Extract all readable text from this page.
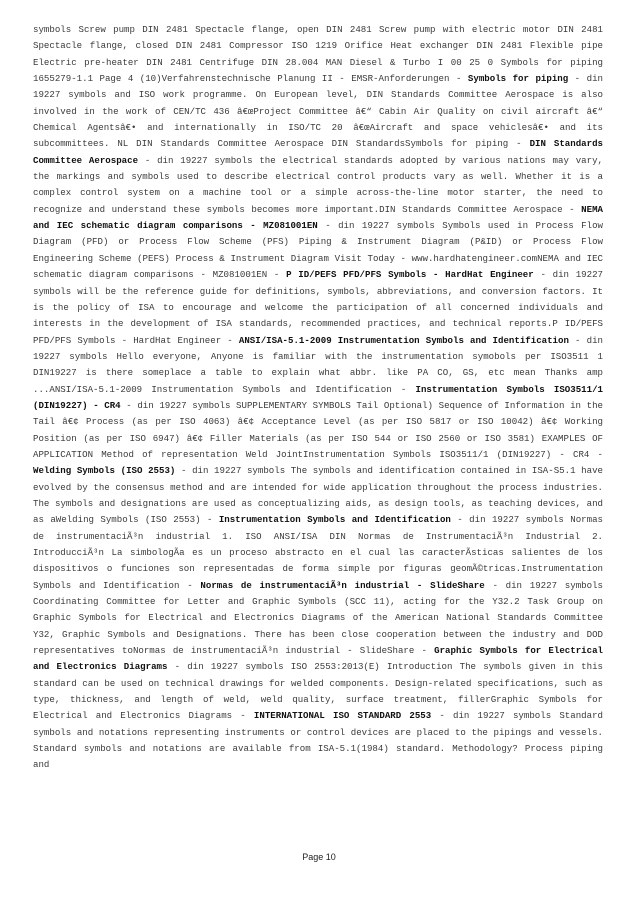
symbols Screw pump DIN 2481 Spectacle flange, open DIN 2481 Screw pump with electric motor DIN 2481 Spectacle flange, closed DIN 2481 Compressor ISO 1219 Orifice Heat exchanger DIN 2481 Flexible pipe Electric pre-heater DIN 2481 Centrifuge DIN 28.004 MAN Diesel & Turbo I 00 25 0 Symbols for piping 1655279-1.1 Page 4 (10)Verfahrenstechnische Planung II - EMSR-Anforderungen - Symbols for piping - din 19227 symbols and ISO work programme. On European level, DIN Standards Committee Aerospace is also involved in the work of CEN/TC 436 â€œProject Committee â€“ Cabin Air Quality on civil aircraft â€“ Chemical Agentsâ€• and internationally in ISO/TC 20 â€œAircraft and space vehiclesâ€• and its subcommittees. NL DIN Standards Committee Aerospace DIN StandardsSymbols for piping - DIN Standards Committee Aerospace - din 19227 symbols the electrical standards adopted by various nations may vary, the markings and symbols used to describe electrical control products vary as well. Whether it is a complex control system on a machine tool or a simple across-the-line motor starter, the need to recognize and understand these symbols becomes more important.DIN Standards Committee Aerospace - NEMA and IEC schematic diagram comparisons - MZ081001EN - din 19227 symbols Symbols used in Process Flow Diagram (PFD) or Process Flow Scheme (PFS) Piping & Instrument Diagram (P&ID) or Process Flow Engineering Scheme (PEFS) Process & Instrument Diagram Visit Today - www.hardhatengineer.comNEMA and IEC schematic diagram comparisons - MZ081001EN - P ID/PEFS PFD/PFS Symbols - HardHat Engineer - din 19227 symbols will be the reference guide for definitions, symbols, abbreviations, and conversion factors. It is the policy of ISA to encourage and welcome the participation of all concerned individuals and interests in the development of ISA standards, recommended practices, and technical reports.P ID/PEFS PFD/PFS Symbols - HardHat Engineer - ANSI/ISA-5.1-2009 Instrumentation Symbols and Identification - din 19227 symbols Hello everyone, Anyone is familiar with the instrumentation symobols per ISO3511 1 DIN19227 is there someplace a table to explain what abbr. like PA CO, GS, etc mean Thanks amp ...ANSI/ISA-5.1-2009 Instrumentation Symbols and Identification - Instrumentation Symbols ISO3511/1 (DIN19227) - CR4 - din 19227 symbols SUPPLEMENTARY SYMBOLS Tail Optional) Sequence of Information in the Tail â€¢ Process (as per ISO 4063) â€¢ Acceptance Level (as per ISO 5817 or ISO 10042) â€¢ Working Position (as per ISO 6947) â€¢ Filler Materials (as per ISO 544 or ISO 2560 or ISO 3581) EXAMPLES OF APPLICATION Method of representation Weld JointInstrumentation Symbols ISO3511/1 (DIN19227) - CR4 - Welding Symbols (ISO 2553) - din 19227 symbols The symbols and identification contained in ISA-S5.1 have evolved by the consensus method and are intended for wide application throughout the process industries. The symbols and designations are used as conceptualizing aids, as design tools, as teaching devices, and as aWelding Symbols (ISO 2553) - Instrumentation Symbols and Identification - din 19227 symbols Normas de instrumentaciÃ³n industrial 1. ISO ANSI/ISA DIN Normas de InstrumentaciÃ³n Industrial 2. IntroducciÃ³n La simbologÃa es un proceso abstracto en el cual las caracterÃsticas salientes de los dispositivos o funciones son representadas de forma simple por figuras geomÃ©tricas.Instrumentation Symbols and Identification - Normas de instrumentaciÃ³n industrial - SlideShare - din 19227 symbols Coordinating Committee for Letter and Graphic Symbols (SCC 11), acting for the Y32.2 Task Group on Graphic Symbols for Electrical and Electronics Diagrams of the American National Standards Committee Y32, Graphic Symbols and Designations. There has been close cooperation between the industry and DOD representatives toNormas de instrumentaciÃ³n industrial - SlideShare - Graphic Symbols for Electrical and Electronics Diagrams - din 19227 symbols ISO 2553:2013(E) Introduction The symbols given in this standard can be used on technical drawings for welded components. Design-related specifications, such as type, thickness, and length of weld, weld quality, surface treatment, fillerGraphic Symbols for Electrical and Electronics Diagrams - INTERNATIONAL ISO STANDARD 2553 - din 19227 symbols Standard symbols and notations representing instruments or control devices are placed to the pipings and vessels. Standard symbols and notations are available from ISA-5.1(1984) standard. Methodology? Process piping and
Page 10
